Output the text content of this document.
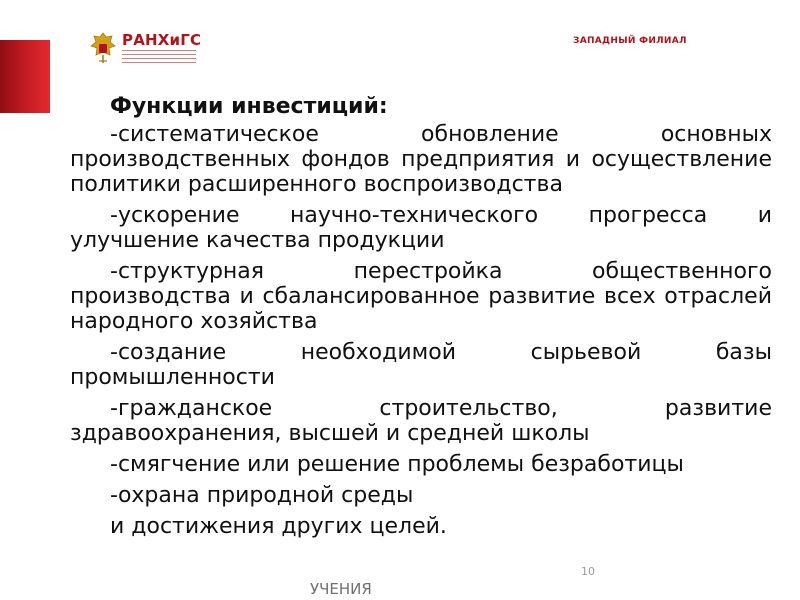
РАНХиГС	ЗАПАДНЫЙ ФИЛИАЛ
Функции инвестиций:

-систематическое обновление основных производственных фондов предприятия и осуществление политики расширенного воспроизводства

-ускорение научно-технического прогресса и улучшение качества продукции

-структурная перестройка общественного производства и сбалансированное развитие всех отраслей народного хозяйства

-создание необходимой сырьевой базы промышленности

-гражданское строительство, развитие здравоохранения, высшей и средней школы

-смягчение или решение проблемы безработицы

-охрана природной среды

и достижения других целей.
УЧЕНИЯ
10
